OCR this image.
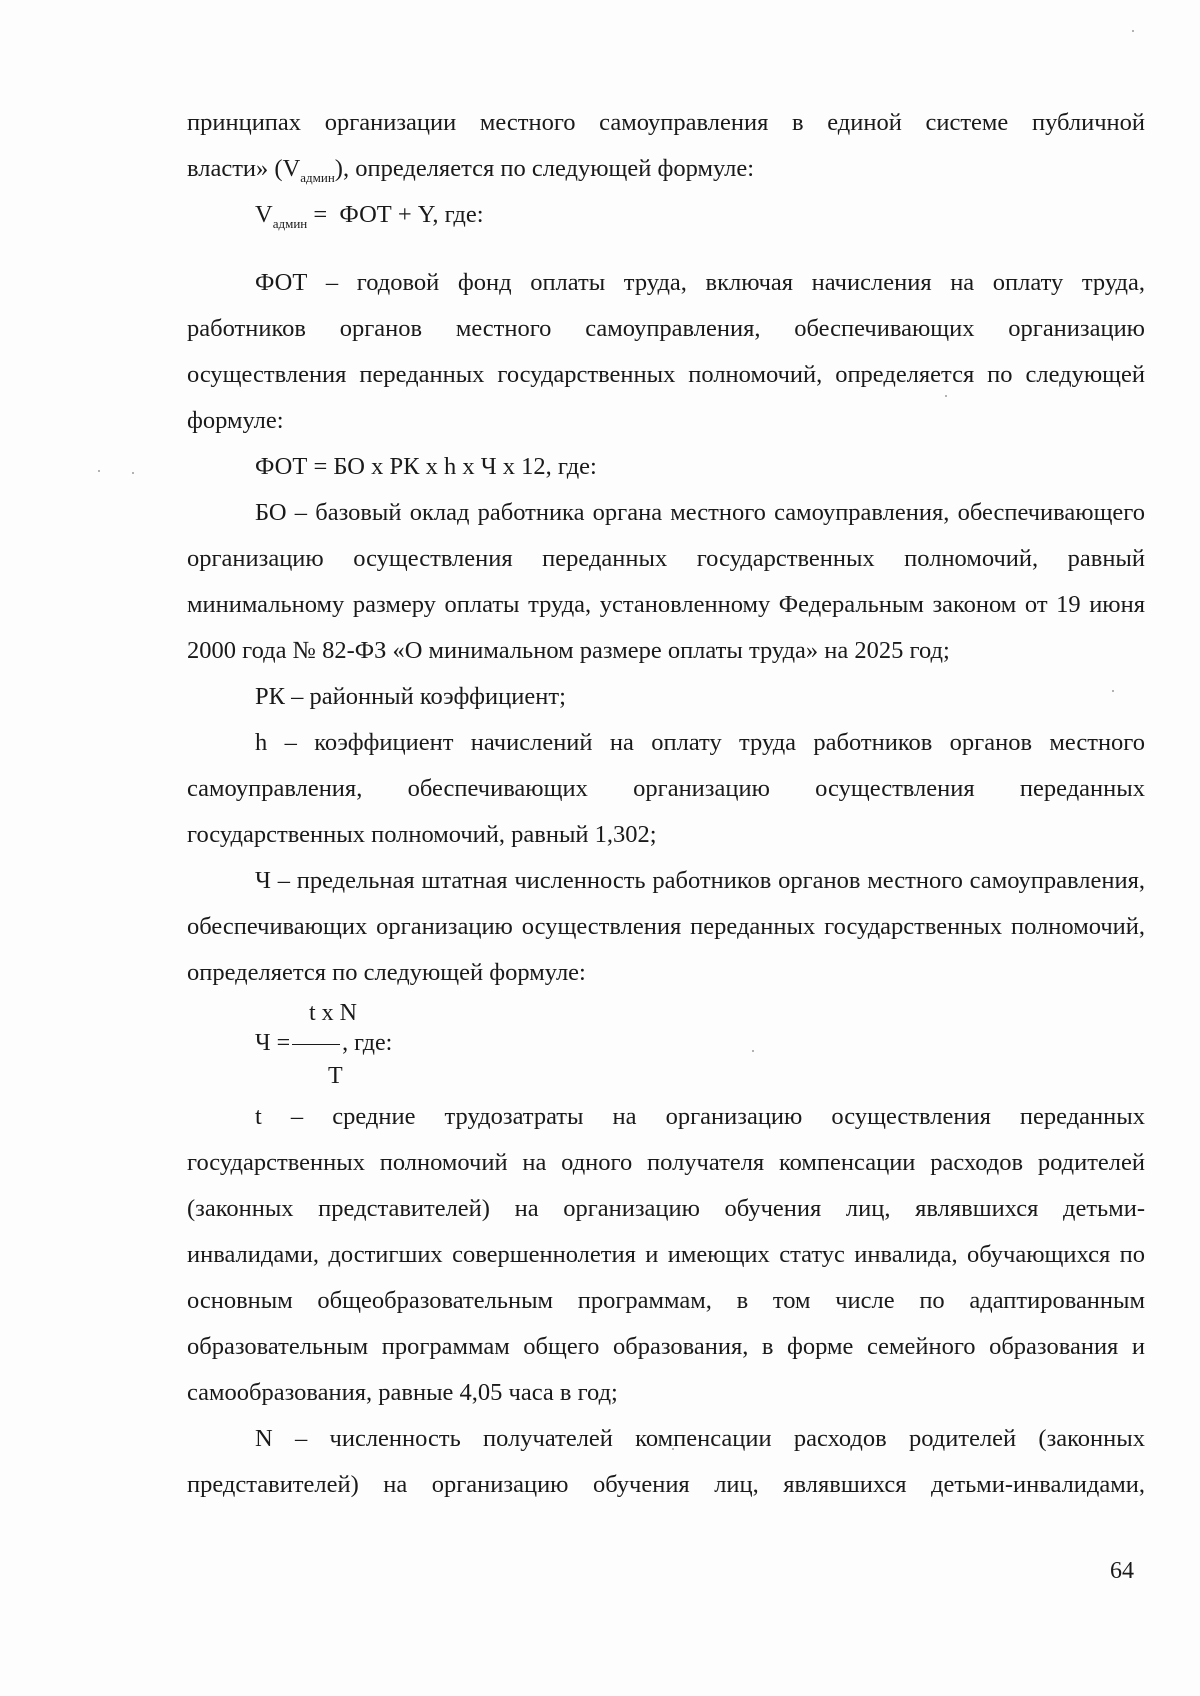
принципах организации местного самоуправления в единой системе публичной

власти» $(V_{админ})$, определяется по следующей формуле:

$V_{админ}$ =  ФОТ + Y, где:

ФОТ – годовой фонд оплаты труда, включая начисления на оплату труда, работников органов местного самоуправления, обеспечивающих организацию осуществления переданных государственных полномочий, определяется по следующей формуле:

ФОТ = БО х РК х h х Ч х 12, где:

БО – базовый оклад работника органа местного самоуправления, обеспечивающего организацию осуществления переданных государственных полномочий, равный минимальному размеру оплаты труда, установленному Федеральным законом от 19 июня 2000 года № 82-ФЗ «О минимальном размере оплаты труда» на 2025 год;

РК – районный коэффициент;

h – коэффициент начислений на оплату труда работников органов местного самоуправления, обеспечивающих организацию осуществления переданных государственных полномочий, равный 1,302;

Ч – предельная штатная численность работников органов местного самоуправления, обеспечивающих организацию осуществления переданных государственных полномочий, определяется по следующей формуле:

t x N
Ч = , где:
T

t – средние трудозатраты на организацию осуществления переданных государственных полномочий на одного получателя компенсации расходов родителей (законных представителей) на организацию обучения лиц, являвшихся детьми-инвалидами, достигших совершеннолетия и имеющих статус инвалида, обучающихся по основным общеобразовательным программам, в том числе по адаптированным образовательным программам общего образования, в форме семейного образования и самообразования, равные 4,05 часа в год;

N – численность получателей компенсации расходов родителей (законных представителей) на организацию обучения лиц, являвшихся детьми-инвалидами,

64
